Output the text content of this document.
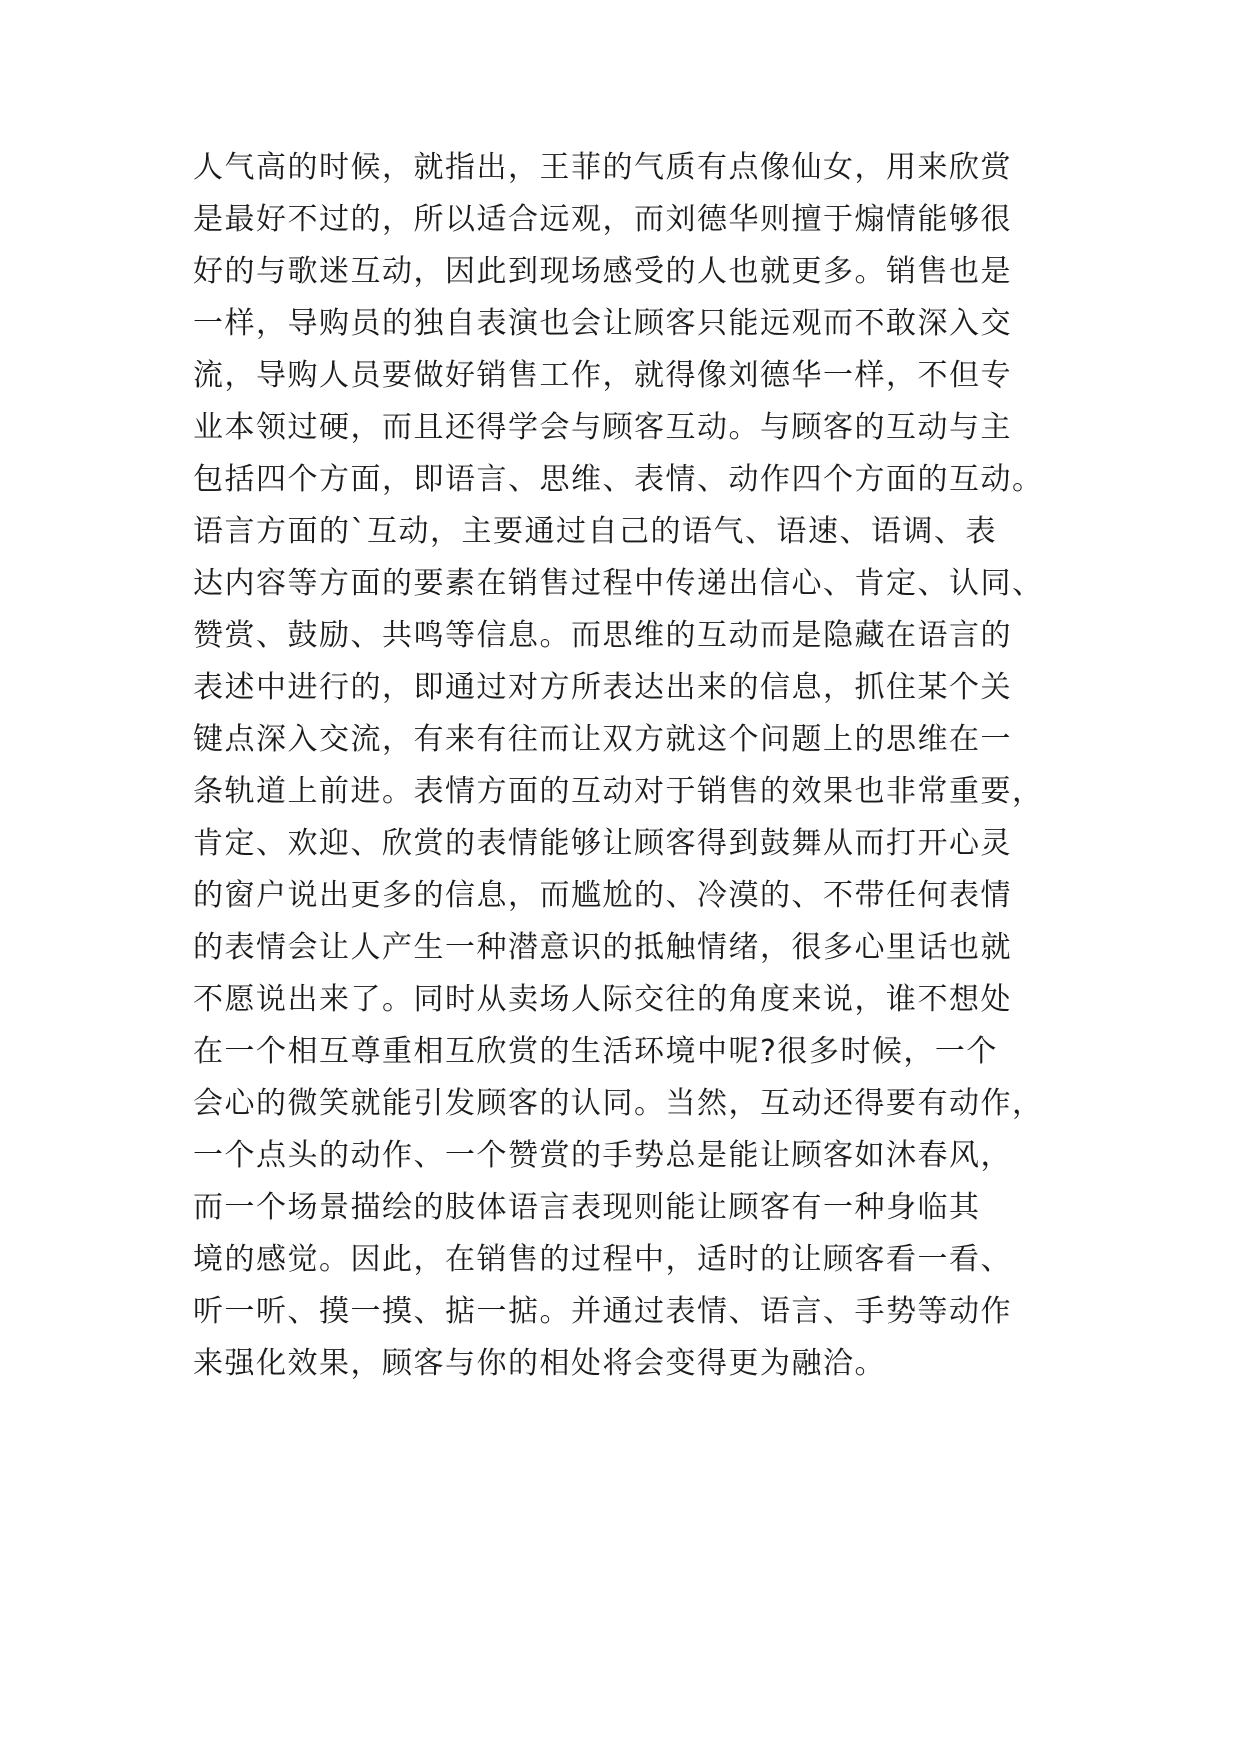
人气高的时候，就指出，王菲的气质有点像仙女，用来欣赏
是最好不过的，所以适合远观，而刘德华则擅于煽情能够很
好的与歌迷互动，因此到现场感受的人也就更多。销售也是
一样，导购员的独自表演也会让顾客只能远观而不敢深入交
流，导购人员要做好销售工作，就得像刘德华一样，不但专
业本领过硬，而且还得学会与顾客互动。与顾客的互动与主
包括四个方面，即语言、思维、表情、动作四个方面的互动。
语言方面的`互动，主要通过自己的语气、语速、语调、表
达内容等方面的要素在销售过程中传递出信心、肯定、认同、
赞赏、鼓励、共鸣等信息。而思维的互动而是隐藏在语言的
表述中进行的，即通过对方所表达出来的信息，抓住某个关
键点深入交流，有来有往而让双方就这个问题上的思维在一
条轨道上前进。表情方面的互动对于销售的效果也非常重要，
肯定、欢迎、欣赏的表情能够让顾客得到鼓舞从而打开心灵
的窗户说出更多的信息，而尴尬的、冷漠的、不带任何表情
的表情会让人产生一种潜意识的抵触情绪，很多心里话也就
不愿说出来了。同时从卖场人际交往的角度来说，谁不想处
在一个相互尊重相互欣赏的生活环境中呢?很多时候，一个
会心的微笑就能引发顾客的认同。当然，互动还得要有动作，
一个点头的动作、一个赞赏的手势总是能让顾客如沐春风，
而一个场景描绘的肢体语言表现则能让顾客有一种身临其
境的感觉。因此，在销售的过程中，适时的让顾客看一看、
听一听、摸一摸、掂一掂。并通过表情、语言、手势等动作
来强化效果，顾客与你的相处将会变得更为融洽。
